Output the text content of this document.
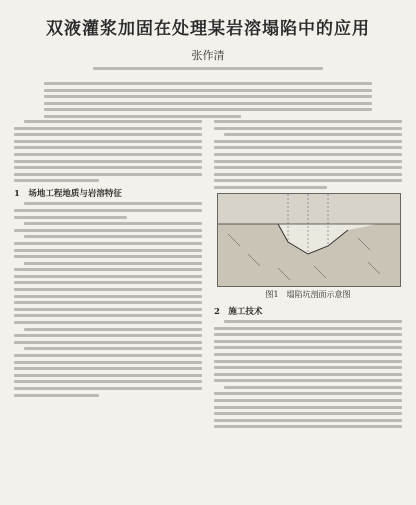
双液灌浆加固在处理某岩溶塌陷中的应用
张作清
1　场地工程地质与岩溶特征
图1　塌陷坑剖面示意图
2　施工技术
